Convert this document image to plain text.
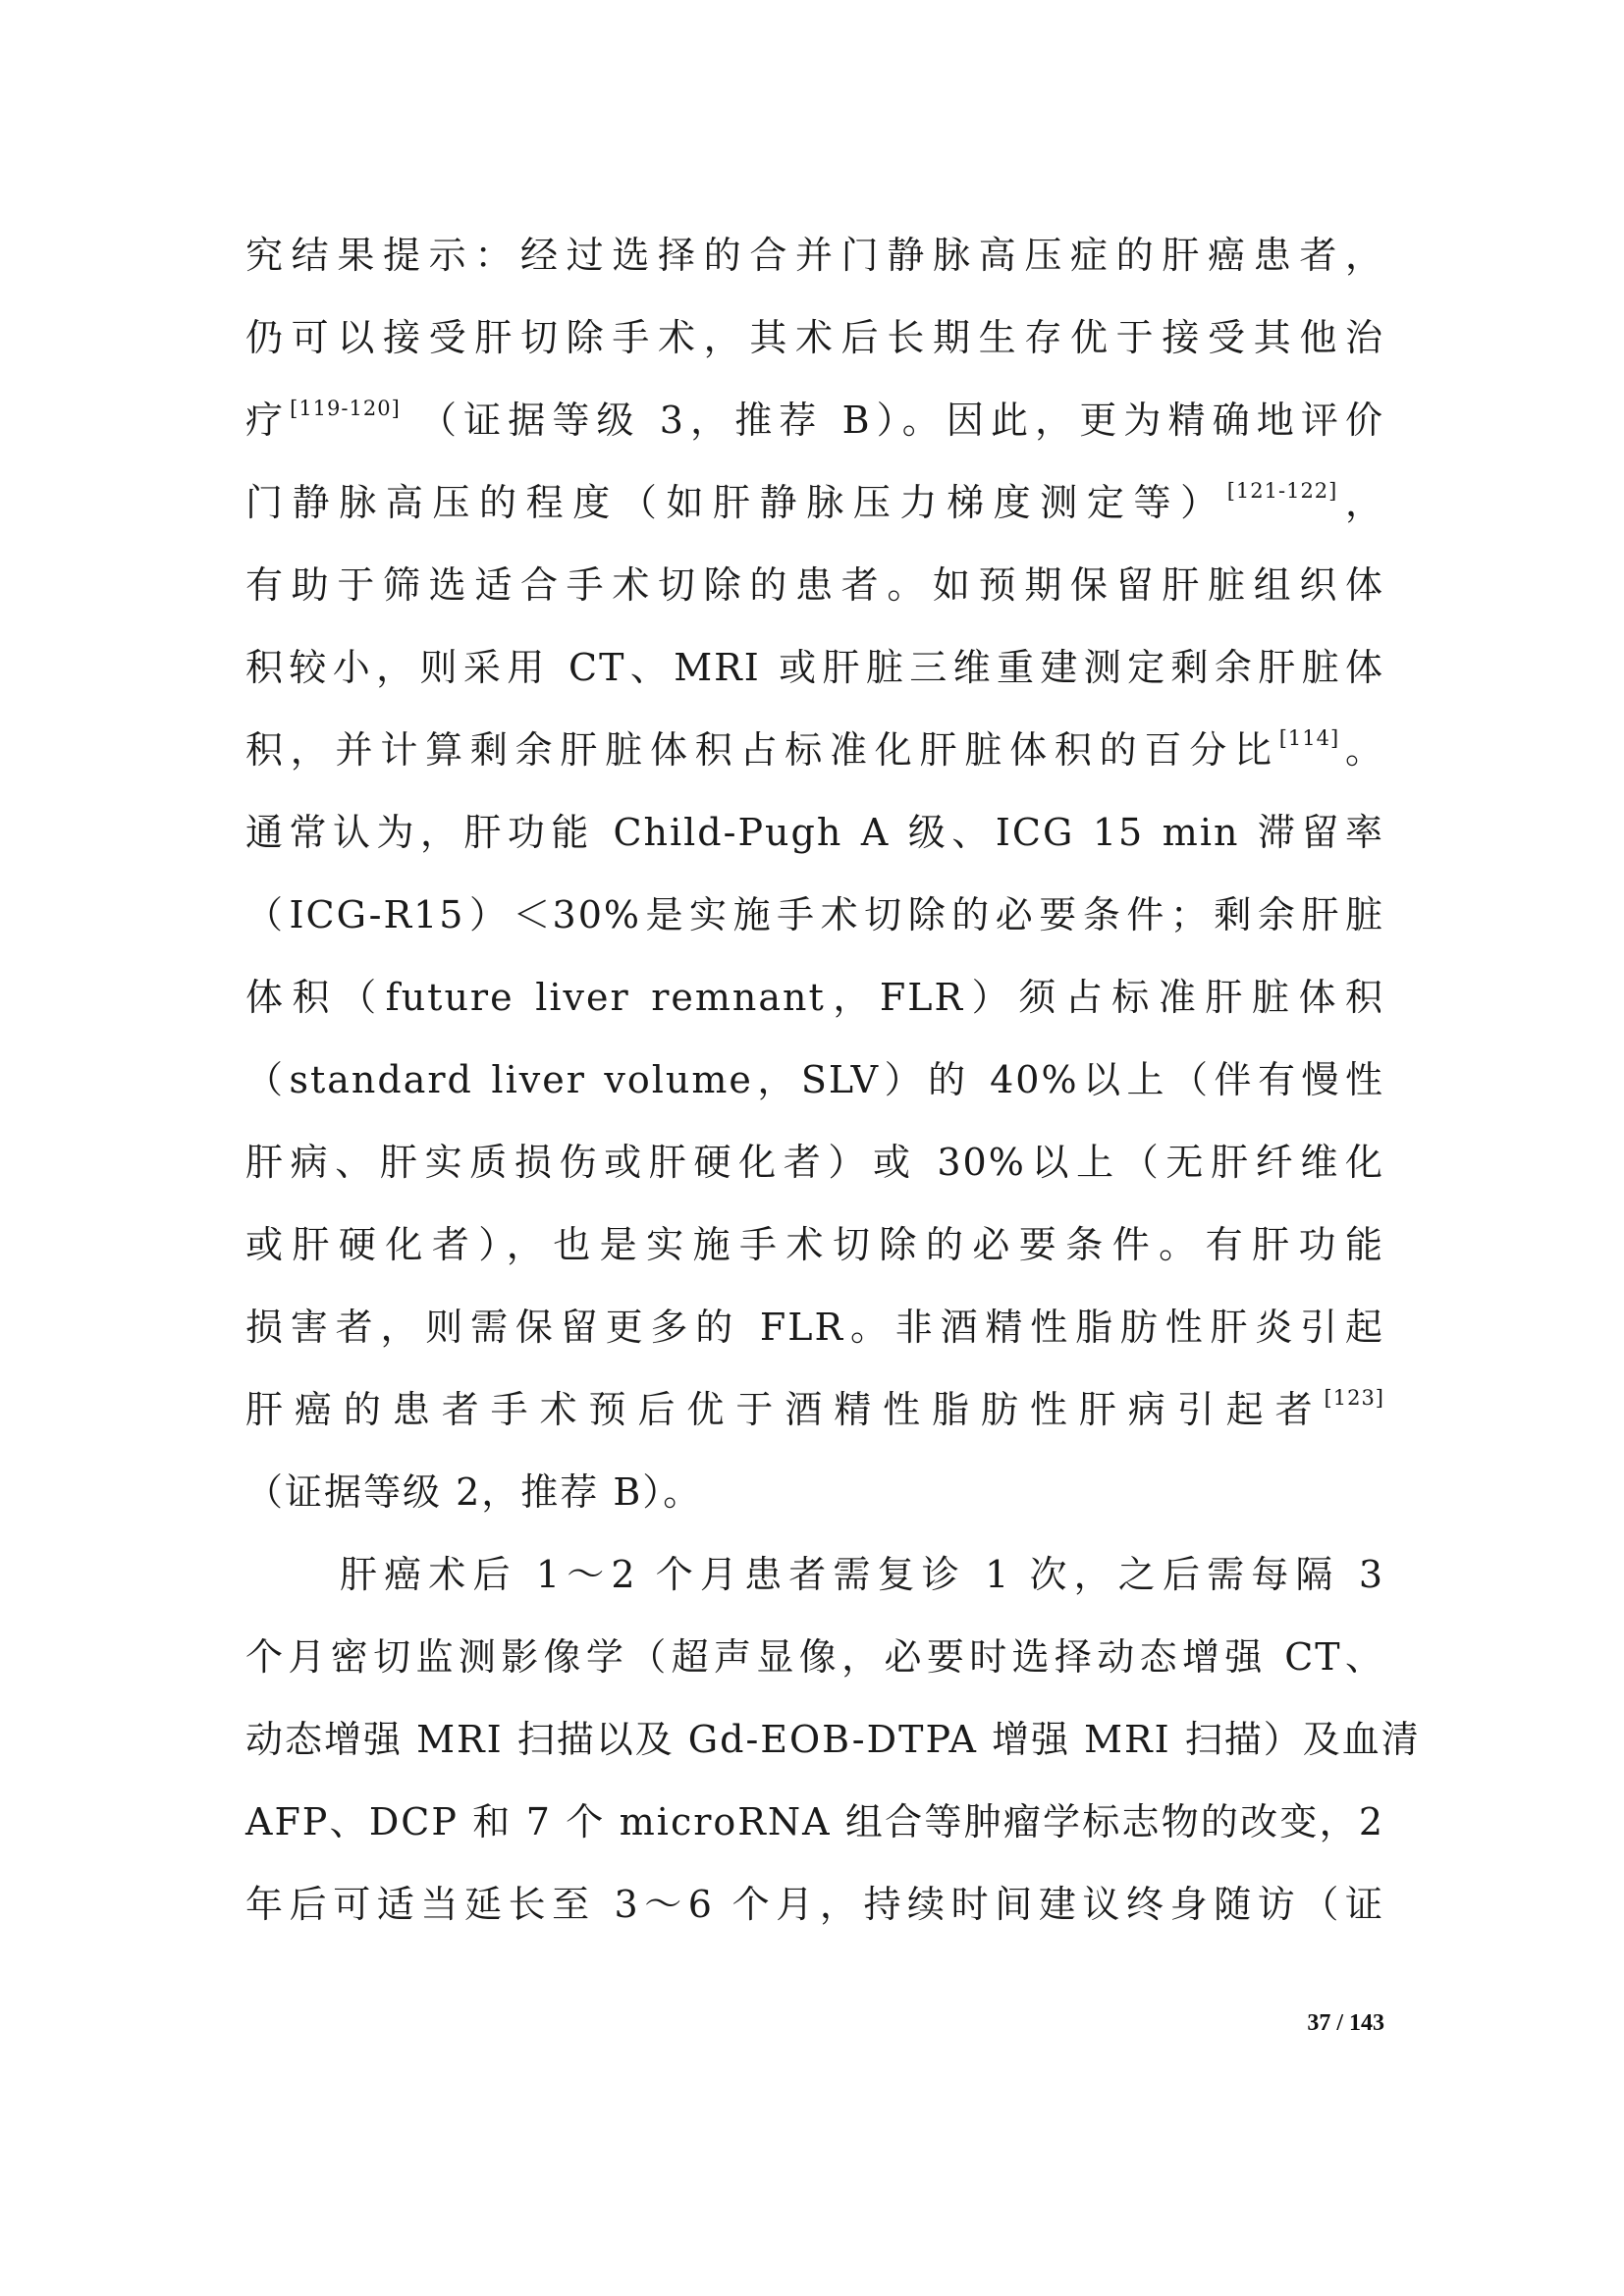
究结果提示：经过选择的合并门静脉高压症的肝癌患者，
仍可以接受肝切除手术，其术后长期生存优于接受其他治
疗[119-120] （证据等级 3，推荐 B）。因此，更为精确地评价
门静脉高压的程度（如肝静脉压力梯度测定等）[121-122]，
有助于筛选适合手术切除的患者。如预期保留肝脏组织体
积较小，则采用 CT、MRI 或肝脏三维重建测定剩余肝脏体
积，并计算剩余肝脏体积占标准化肝脏体积的百分比[114]。
通常认为，肝功能 Child-Pugh A 级、ICG 15 min 滞留率
（ICG-R15）＜30%是实施手术切除的必要条件；剩余肝脏
体积（future liver remnant，FLR）须占标准肝脏体积
（standard liver volume，SLV）的 40%以上（伴有慢性
肝病、肝实质损伤或肝硬化者）或 30%以上（无肝纤维化
或肝硬化者），也是实施手术切除的必要条件。有肝功能
损害者，则需保留更多的 FLR。非酒精性脂肪性肝炎引起
肝癌的患者手术预后优于酒精性脂肪性肝病引起者[123]
（证据等级 2，推荐 B）。
肝癌术后 1～2 个月患者需复诊 1 次，之后需每隔 3
个月密切监测影像学（超声显像，必要时选择动态增强 CT、
动态增强 MRI 扫描以及 Gd-EOB-DTPA 增强 MRI 扫描）及血清
AFP、DCP 和 7 个 microRNA 组合等肿瘤学标志物的改变，2
年后可适当延长至 3～6 个月，持续时间建议终身随访（证
37 / 143
